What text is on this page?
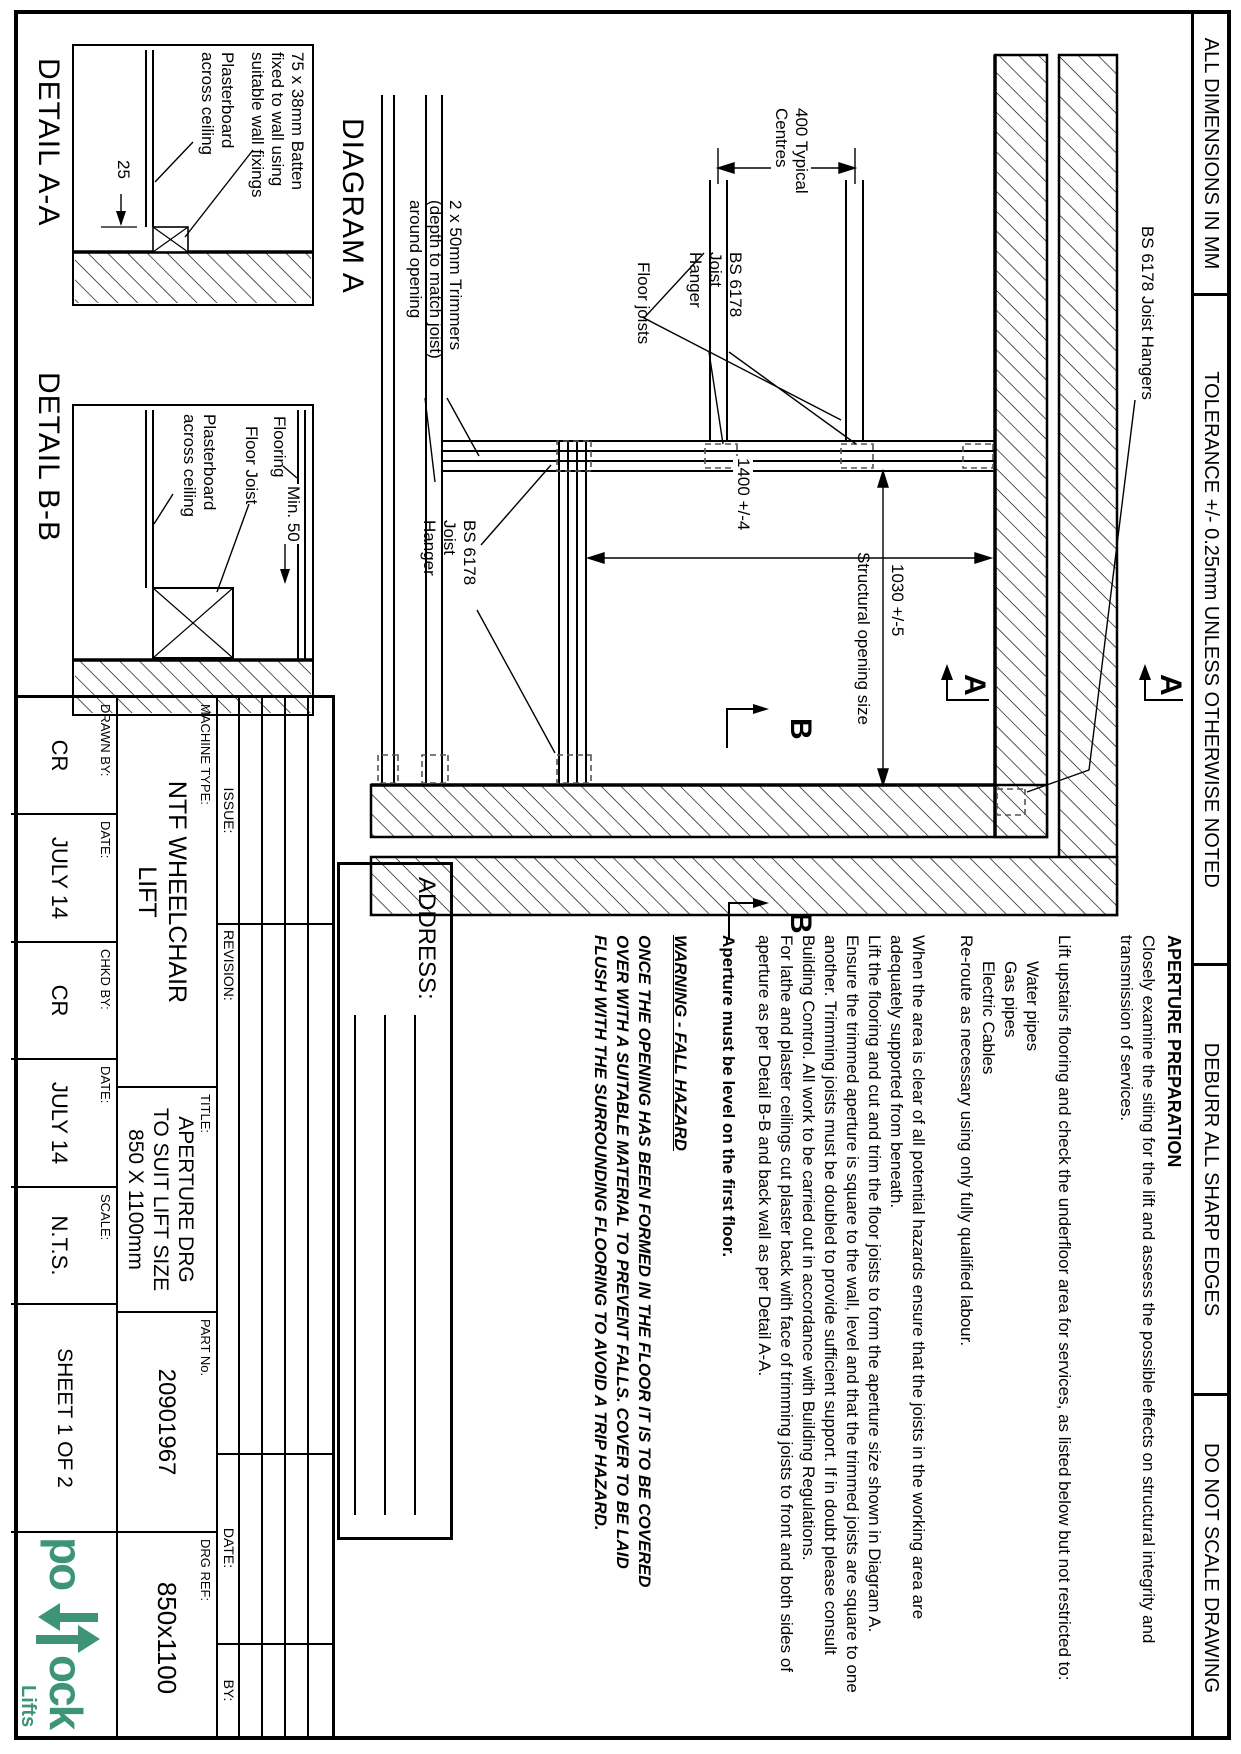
ALL DIMENSIONS IN MM
TOLERANCE +/- 0.25mm UNLESS OTHERWISE NOTED
DEBURR ALL SHARP EDGES
DO NOT SCALE DRAWING
DIAGRAM A
Floor joists
400 Typical Centres
BS 6178 Joist Hangers
BS 6178 Joist Hanger
BS 6178 Joist Hanger
2 x 50mm Trimmers (depth to match joist) around opening
1030 +/-5
Structural opening size
1400 +/-4
A
A
B
B
75 x 38mm Batten fixed to wall using suitable wall fixings
Plasterboard across ceiling
25
DETAIL A-A
Flooring
Min. 50
Floor Joist
Plasterboard across ceiling
DETAIL B-B
APERTURE PREPARATION
Closely examine the siting for the lift and assess the possible effects on structural integrity and transmission of services.
Lift upstairs flooring and check the underfloor area for services, as listed below but not restricted to:
Water pipes
Gas pipes
Electric Cables
Re-route as necessary using only fully qualified labour.
When the area is clear of all potential hazards ensure that the joists in the working area are adequately supported from beneath.
Lift the flooring and cut and trim the floor joists to form the aperture size shown in Diagram A.
Ensure the trimmed aperture is square to the wall, level and that the trimmed joists are square to one another. Trimming joists must be doubled to provide sufficient support. If in doubt please consult Building Control. All work to be carried out in accordance with Building Regulations.
For lathe and plaster ceilings cut plaster back with face of trimming joists to front and both sides of aperture as per Detail B-B and back wall as per Detail A-A.
Aperture must be level on the first floor.
WARNING - FALL HAZARD
ONCE THE OPENING HAS BEEN FORMED IN THE FLOOR IT IS TO BE COVERED OVER WITH A SUITABLE MATERIAL TO PREVENT FALLS. COVER TO BE LAID FLUSH WITH THE SURROUNDING FLOORING TO AVOID A TRIP HAZARD.
ADDRESS:
ISSUE:
REVISION:
DATE:
BY:
MACHINE TYPE:
NTF WHEELCHAIR
LIFT
TITLE:
APERTURE DRG
TO SUIT LIFT SIZE
850 X 1100mm
PART No.
20901967
DRG REF:
850x1100
DRAWN BY:
CR
DATE:
JULY 14
CHKD BY:
CR
DATE:
JULY 14
SCALE:
N.T.S.
SHEET 1 OF 2
po
ock
Lifts
